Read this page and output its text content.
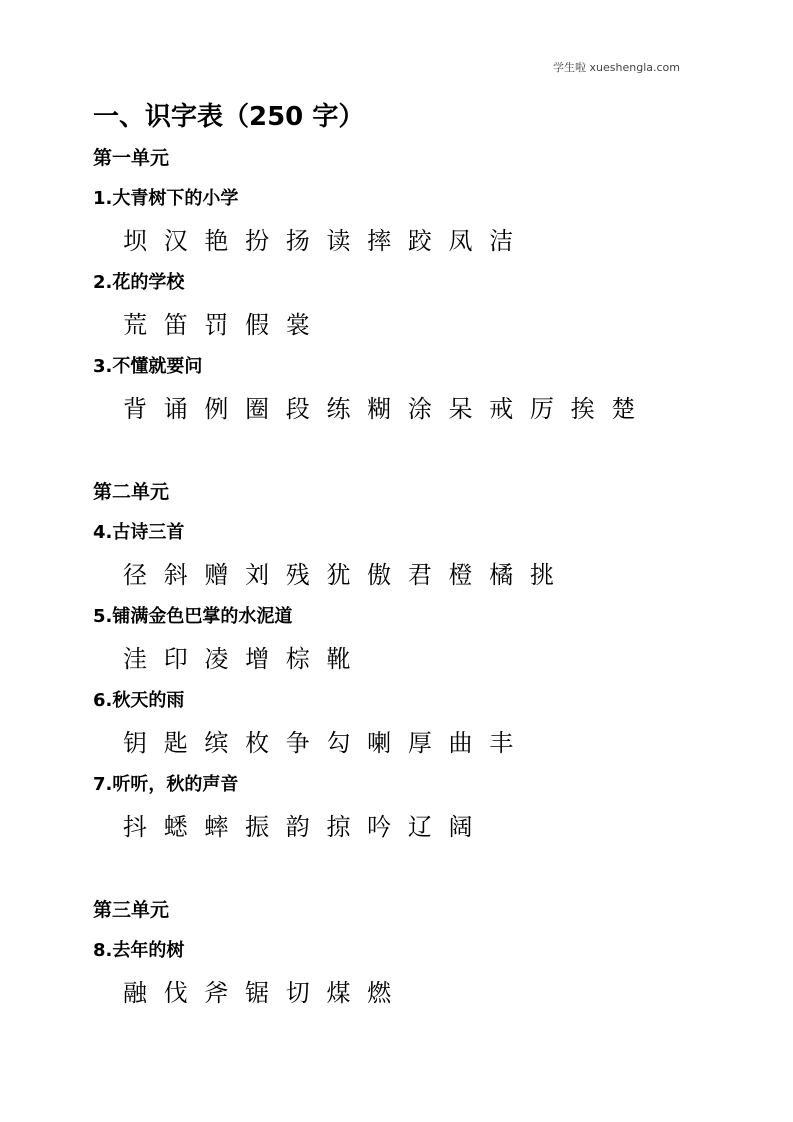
学生啦 xueshengla.com
一、识字表（250 字）
第一单元
1.大青树下的小学
坝 汉 艳 扮 扬 读 摔 跤 凤 洁
2.花的学校
荒 笛 罚 假 裳
3.不懂就要问
背 诵 例 圈 段 练 糊 涂 呆 戒 厉 挨 楚
第二单元
4.古诗三首
径 斜 赠 刘 残 犹 傲 君 橙 橘 挑
5.铺满金色巴掌的水泥道
洼 印 凌 增 棕 靴
6.秋天的雨
钥 匙 缤 枚 争 勾 喇 厚 曲 丰
7.听听，秋的声音
抖 蟋 蟀 振 韵 掠 吟 辽 阔
第三单元
8.去年的树
融 伐 斧 锯 切 煤 燃
